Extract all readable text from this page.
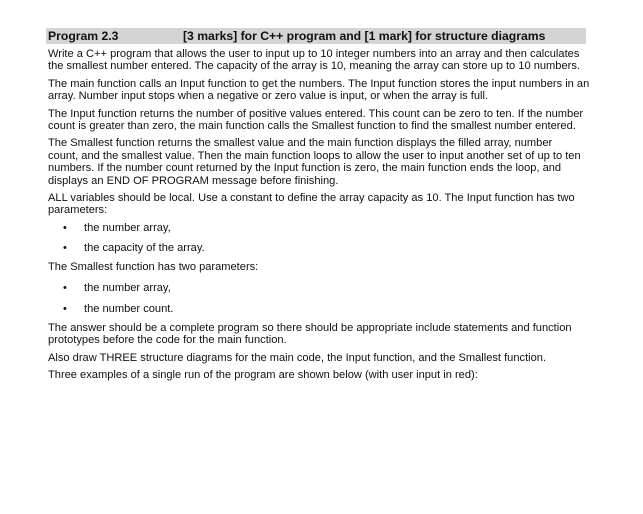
Program 2.3	[3 marks] for C++ program and [1 mark] for structure diagrams

Write a C++ program that allows the user to input up to 10 integer numbers into an array and then calculates the smallest number entered. The capacity of the array is 10, meaning the array can store up to 10 numbers.

The main function calls an Input function to get the numbers. The Input function stores the input numbers in an array. Number input stops when a negative or zero value is input, or when the array is full.

The Input function returns the number of positive values entered. This count can be zero to ten. If the number count is greater than zero, the main function calls the Smallest function to find the smallest number entered.

The Smallest function returns the smallest value and the main function displays the filled array, number count, and the smallest value. Then the main function loops to allow the user to input another set of up to ten numbers. If the number count returned by the Input function is zero, the main function ends the loop, and displays an END OF PROGRAM message before finishing.

ALL variables should be local. Use a constant to define the array capacity as 10. The Input function has two parameters:

• the number array,
• the capacity of the array.

The Smallest function has two parameters:

• the number array,
• the number count.

The answer should be a complete program so there should be appropriate include statements and function prototypes before the code for the main function.

Also draw THREE structure diagrams for the main code, the Input function, and the Smallest function.

Three examples of a single run of the program are shown below (with user input in red):
